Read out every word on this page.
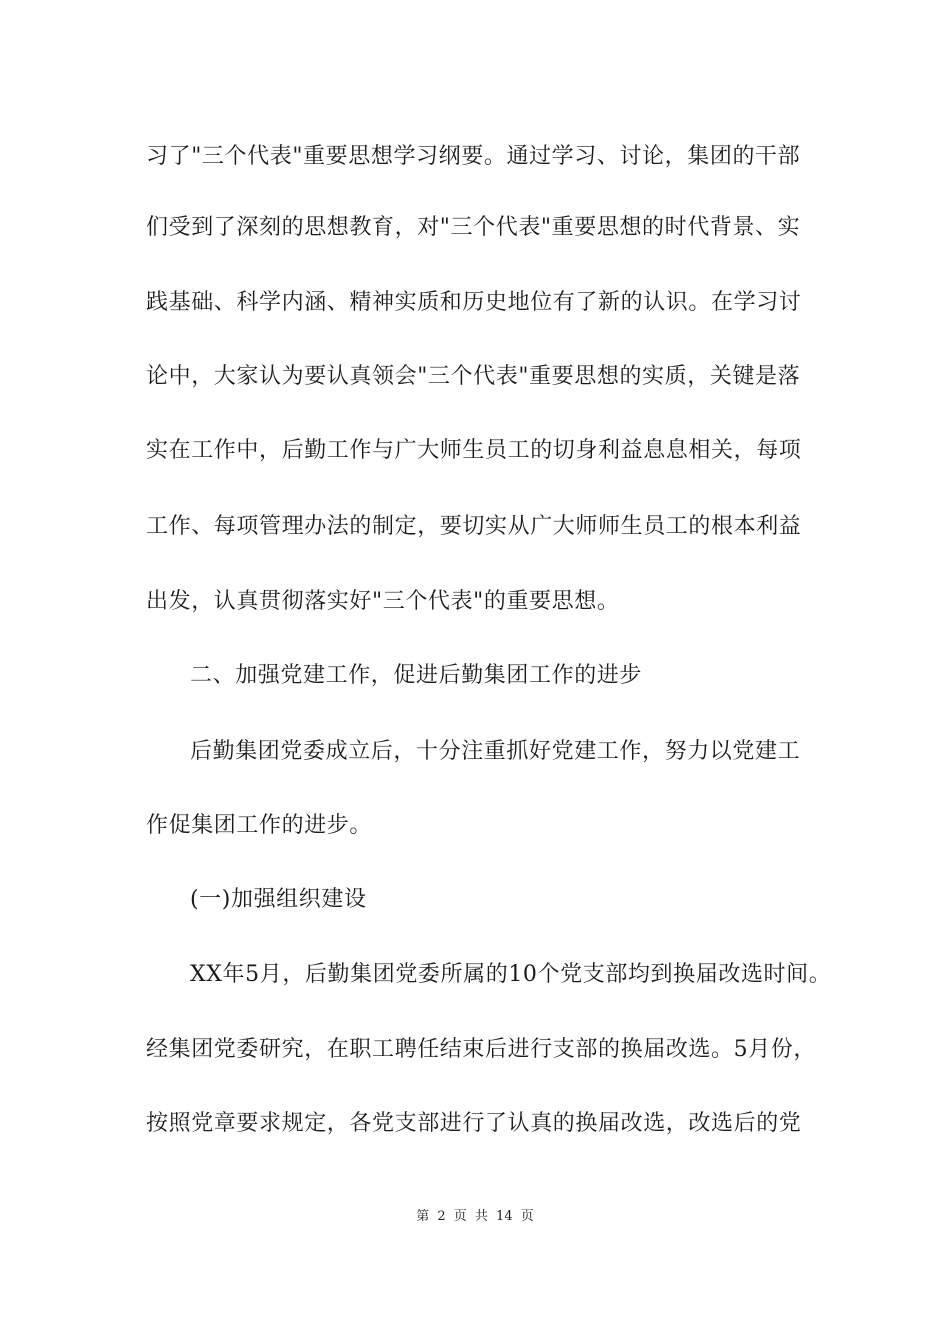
习了"三个代表"重要思想学习纲要。通过学习、讨论，集团的干部
们受到了深刻的思想教育，对"三个代表"重要思想的时代背景、实
践基础、科学内涵、精神实质和历史地位有了新的认识。在学习讨
论中，大家认为要认真领会"三个代表"重要思想的实质，关键是落
实在工作中，后勤工作与广大师生员工的切身利益息息相关，每项
工作、每项管理办法的制定，要切实从广大师师生员工的根本利益
出发，认真贯彻落实好"三个代表"的重要思想。
二、加强党建工作，促进后勤集团工作的进步
后勤集团党委成立后，十分注重抓好党建工作，努力以党建工
作促集团工作的进步。
(一)加强组织建设
XX年5月，后勤集团党委所属的10个党支部均到换届改选时间。
经集团党委研究，在职工聘任结束后进行支部的换届改选。5月份，
按照党章要求规定，各党支部进行了认真的换届改选，改选后的党
第 2 页 共 14 页
